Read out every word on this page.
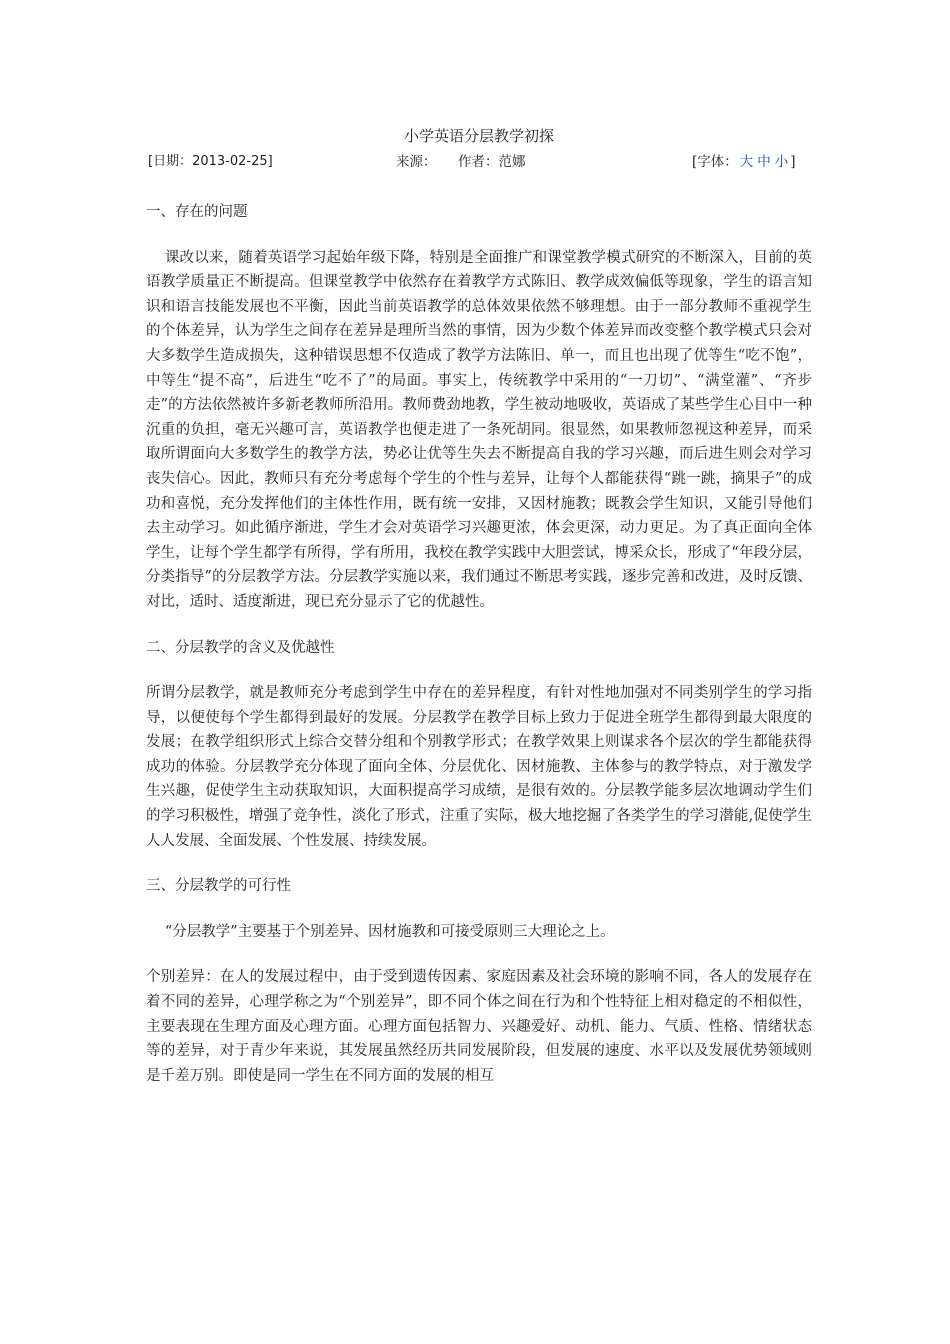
小学英语分层教学初探
[日期：2013-02-25]	来源： 作者：范娜	[字体： 大 中 小 ]

一、存在的问题

课改以来，随着英语学习起始年级下降，特别是全面推广和课堂教学模式研究的不断深入，目前的英语教学质量正不断提高。但课堂教学中依然存在着教学方式陈旧、教学成效偏低等现象，学生的语言知识和语言技能发展也不平衡，因此当前英语教学的总体效果依然不够理想。由于一部分教师不重视学生的个体差异，认为学生之间存在差异是理所当然的事情，因为少数个体差异而改变整个教学模式只会对大多数学生造成损失，这种错误思想不仅造成了教学方法陈旧、单一，而且也出现了优等生“吃不饱”，中等生“提不高”，后进生“吃不了”的局面。事实上，传统教学中采用的“一刀切”、“满堂灌”、“齐步走”的方法依然被许多新老教师所沿用。教师费劲地教，学生被动地吸收，英语成了某些学生心目中一种沉重的负担，毫无兴趣可言，英语教学也便走进了一条死胡同。很显然，如果教师忽视这种差异，而采取所谓面向大多数学生的教学方法，势必让优等生失去不断提高自我的学习兴趣，而后进生则会对学习丧失信心。因此，教师只有充分考虑每个学生的个性与差异，让每个人都能获得“跳一跳，摘果子”的成功和喜悦，充分发挥他们的主体性作用，既有统一安排，又因材施教；既教会学生知识，又能引导他们去主动学习。如此循序渐进，学生才会对英语学习兴趣更浓，体会更深，动力更足。为了真正面向全体学生，让每个学生都学有所得，学有所用，我校在教学实践中大胆尝试，博采众长，形成了“年段分层，分类指导”的分层教学方法。分层教学实施以来，我们通过不断思考实践，逐步完善和改进，及时反馈、对比，适时、适度渐进，现已充分显示了它的优越性。

二、分层教学的含义及优越性

所谓分层教学，就是教师充分考虑到学生中存在的差异程度，有针对性地加强对不同类别学生的学习指导，以便使每个学生都得到最好的发展。分层教学在教学目标上致力于促进全班学生都得到最大限度的发展；在教学组织形式上综合交替分组和个别教学形式；在教学效果上则谋求各个层次的学生都能获得成功的体验。分层教学充分体现了面向全体、分层优化、因材施教、主体参与的教学特点，对于激发学生兴趣，促使学生主动获取知识，大面积提高学习成绩，是很有效的。分层教学能多层次地调动学生们的学习积极性，增强了竞争性，淡化了形式，注重了实际，极大地挖掘了各类学生的学习潜能,促使学生人人发展、全面发展、个性发展、持续发展。

三、分层教学的可行性

“分层教学”主要基于个别差异、因材施教和可接受原则三大理论之上。

个别差异：在人的发展过程中，由于受到遗传因素、家庭因素及社会环境的影响不同，各人的发展存在着不同的差异，心理学称之为“个别差异”，即不同个体之间在行为和个性特征上相对稳定的不相似性，主要表现在生理方面及心理方面。心理方面包括智力、兴趣爱好、动机、能力、气质、性格、情绪状态等的差异，对于青少年来说，其发展虽然经历共同发展阶段，但发展的速度、水平以及发展优势领域则是千差万别。即使是同一学生在不同方面的发展的相互
